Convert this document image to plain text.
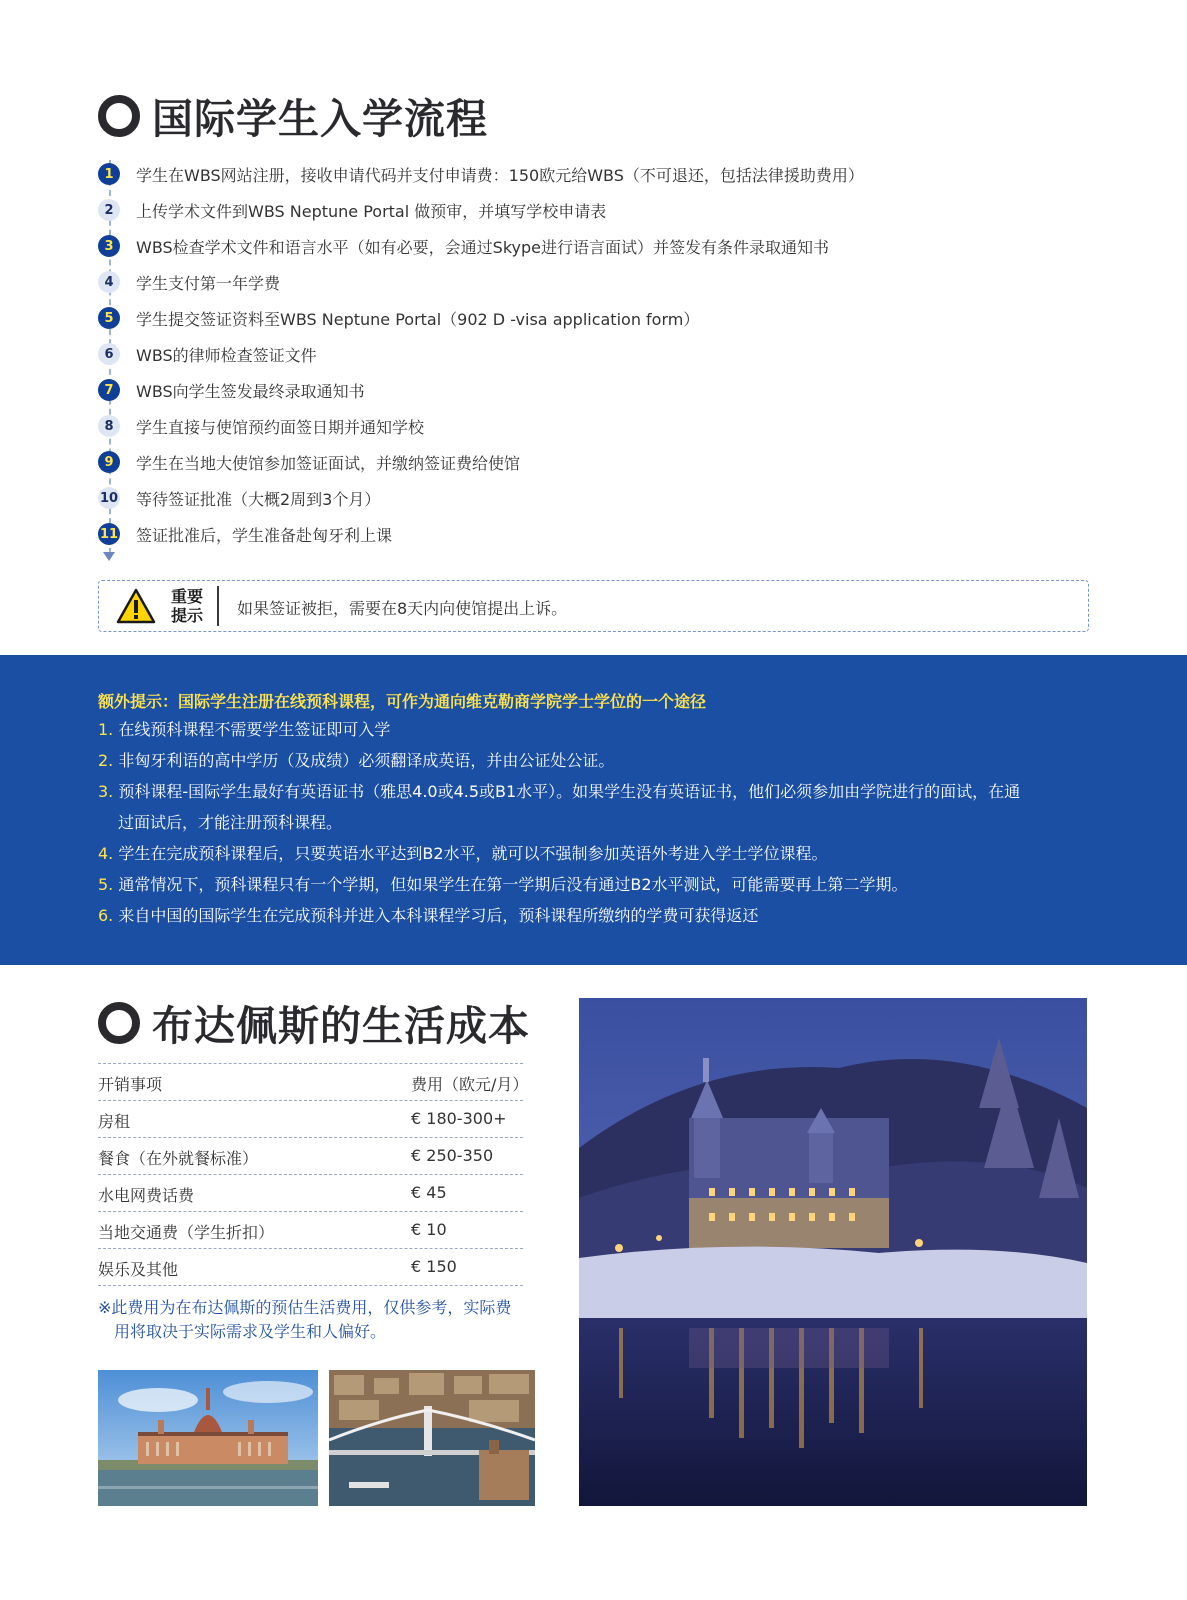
国际学生入学流程
1	学生在WBS网站注册，接收申请代码并支付申请费：150欧元给WBS（不可退还，包括法律援助费用）
2	上传学术文件到WBS Neptune Portal 做预审，并填写学校申请表
3	WBS检查学术文件和语言水平（如有必要，会通过Skype进行语言面试）并签发有条件录取通知书
4	学生支付第一年学费
5	学生提交签证资料至WBS Neptune Portal（902 D -visa application form）
6	WBS的律师检查签证文件
7	WBS向学生签发最终录取通知书
8	学生直接与使馆预约面签日期并通知学校
9	学生在当地大使馆参加签证面试，并缴纳签证费给使馆
10 等待签证批准（大概2周到3个月）
11 签证批准后，学生准备赴匈牙利上课
重要
提示	如果签证被拒，需要在8天内向使馆提出上诉。
额外提示：国际学生注册在线预科课程，可作为通向维克勒商学院学士学位的一个途径
1. 在线预科课程不需要学生签证即可入学
2. 非匈牙利语的高中学历（及成绩）必须翻译成英语，并由公证处公证。
3. 预科课程-国际学生最好有英语证书（雅思4.0或4.5或B1水平）。如果学生没有英语证书，他们必须参加由学院进行的面试，在通
过面试后，才能注册预科课程。
4. 学生在完成预科课程后，只要英语水平达到B2水平，就可以不强制参加英语外考进入学士学位课程。
5. 通常情况下，预科课程只有一个学期，但如果学生在第一学期后没有通过B2水平测试，可能需要再上第二学期。
6. 来自中国的国际学生在完成预科并进入本科课程学习后，预科课程所缴纳的学费可获得返还
布达佩斯的生活成本
开销事项	费用（欧元/月）
房租	€ 180-300+
餐食（在外就餐标准）	€ 250-350
水电网费话费	€ 45
当地交通费（学生折扣）	€ 10
娱乐及其他	€ 150
※此费用为在布达佩斯的预估生活费用，仅供参考，实际费
用将取决于实际需求及学生和人偏好。
